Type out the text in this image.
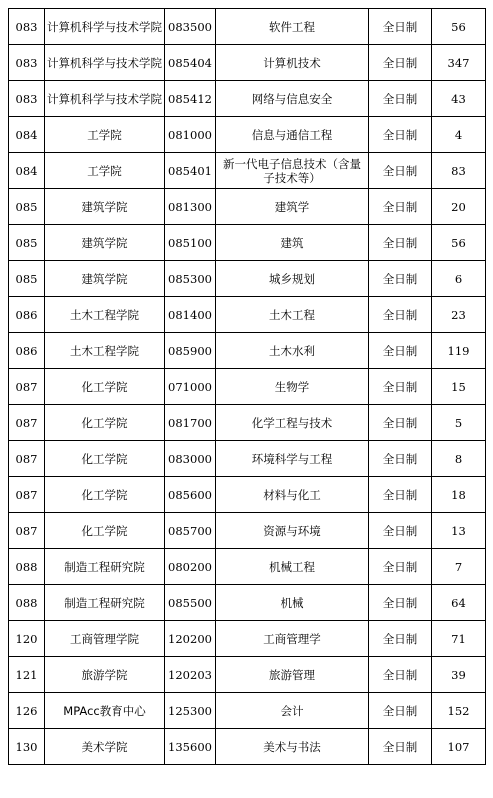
083	计算机科学与技术学院	083500	软件工程	全日制	56
083	计算机科学与技术学院	085404	计算机技术	全日制	347
083	计算机科学与技术学院	085412	网络与信息安全	全日制	43
084	工学院	081000	信息与通信工程	全日制	4
084	工学院	085401	新一代电子信息技术（含量子技术等）	全日制	83
085	建筑学院	081300	建筑学	全日制	20
085	建筑学院	085100	建筑	全日制	56
085	建筑学院	085300	城乡规划	全日制	6
086	土木工程学院	081400	土木工程	全日制	23
086	土木工程学院	085900	土木水利	全日制	119
087	化工学院	071000	生物学	全日制	15
087	化工学院	081700	化学工程与技术	全日制	5
087	化工学院	083000	环境科学与工程	全日制	8
087	化工学院	085600	材料与化工	全日制	18
087	化工学院	085700	资源与环境	全日制	13
088	制造工程研究院	080200	机械工程	全日制	7
088	制造工程研究院	085500	机械	全日制	64
120	工商管理学院	120200	工商管理学	全日制	71
121	旅游学院	120203	旅游管理	全日制	39
126	MPAcc教育中心	125300	会计	全日制	152
130	美术学院	135600	美术与书法	全日制	107
